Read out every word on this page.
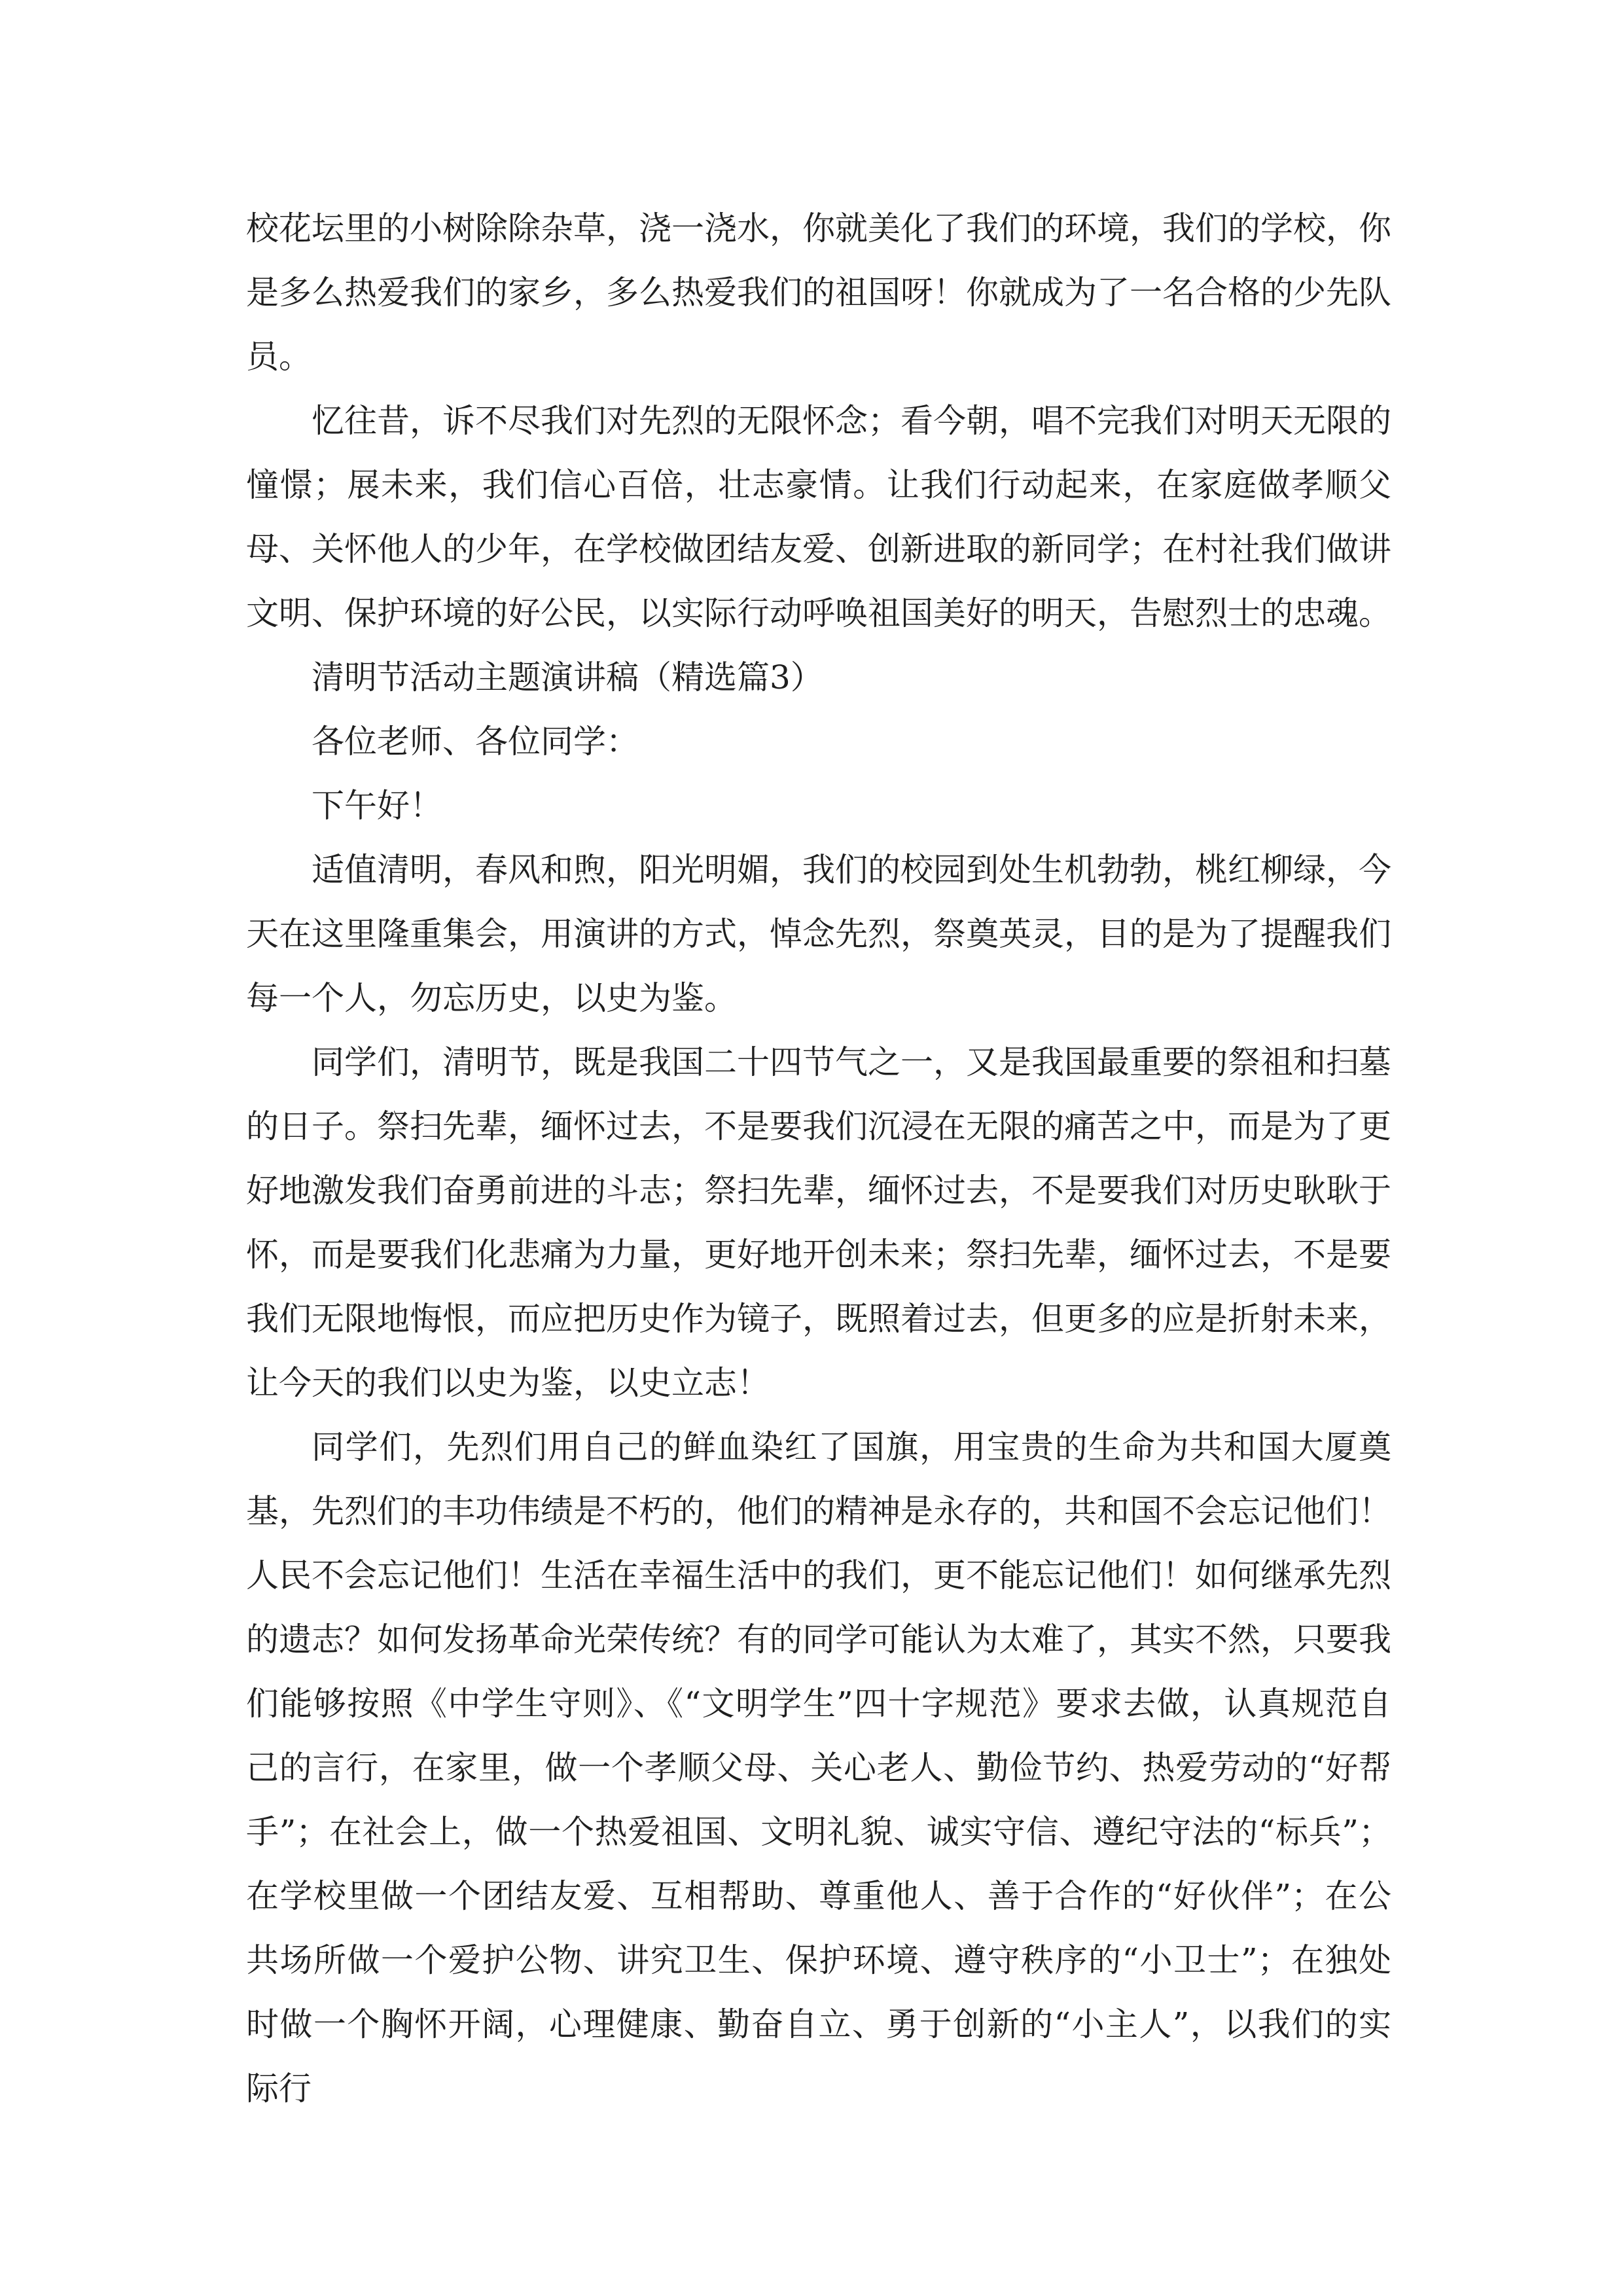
校花坛里的小树除除杂草，浇一浇水，你就美化了我们的环境，我们的学校，你是多么热爱我们的家乡，多么热爱我们的祖国呀！你就成为了一名合格的少先队员。

忆往昔，诉不尽我们对先烈的无限怀念；看今朝，唱不完我们对明天无限的憧憬；展未来，我们信心百倍，壮志豪情。让我们行动起来，在家庭做孝顺父母、关怀他人的少年，在学校做团结友爱、创新进取的新同学；在村社我们做讲文明、保护环境的好公民，以实际行动呼唤祖国美好的明天，告慰烈士的忠魂。

清明节活动主题演讲稿（精选篇3）

各位老师、各位同学：

下午好！

适值清明，春风和煦，阳光明媚，我们的校园到处生机勃勃，桃红柳绿，今天在这里隆重集会，用演讲的方式，悼念先烈，祭奠英灵，目的是为了提醒我们每一个人，勿忘历史，以史为鉴。

同学们，清明节，既是我国二十四节气之一，又是我国最重要的祭祖和扫墓的日子。祭扫先辈，缅怀过去，不是要我们沉浸在无限的痛苦之中，而是为了更好地激发我们奋勇前进的斗志；祭扫先辈，缅怀过去，不是要我们对历史耿耿于怀，而是要我们化悲痛为力量，更好地开创未来；祭扫先辈，缅怀过去，不是要我们无限地悔恨，而应把历史作为镜子，既照着过去，但更多的应是折射未来，让今天的我们以史为鉴，以史立志！

同学们，先烈们用自己的鲜血染红了国旗，用宝贵的生命为共和国大厦奠基，先烈们的丰功伟绩是不朽的，他们的精神是永存的，共和国不会忘记他们！人民不会忘记他们！生活在幸福生活中的我们，更不能忘记他们！如何继承先烈的遗志？如何发扬革命光荣传统？有的同学可能认为太难了，其实不然，只要我们能够按照《中学生守则》、《“文明学生”四十字规范》要求去做，认真规范自己的言行，在家里，做一个孝顺父母、关心老人、勤俭节约、热爱劳动的“好帮手”；在社会上，做一个热爱祖国、文明礼貌、诚实守信、遵纪守法的“标兵”；在学校里做一个团结友爱、互相帮助、尊重他人、善于合作的“好伙伴”；在公共场所做一个爱护公物、讲究卫生、保护环境、遵守秩序的“小卫士”；在独处时做一个胸怀开阔，心理健康、勤奋自立、勇于创新的“小主人”，以我们的实际行
